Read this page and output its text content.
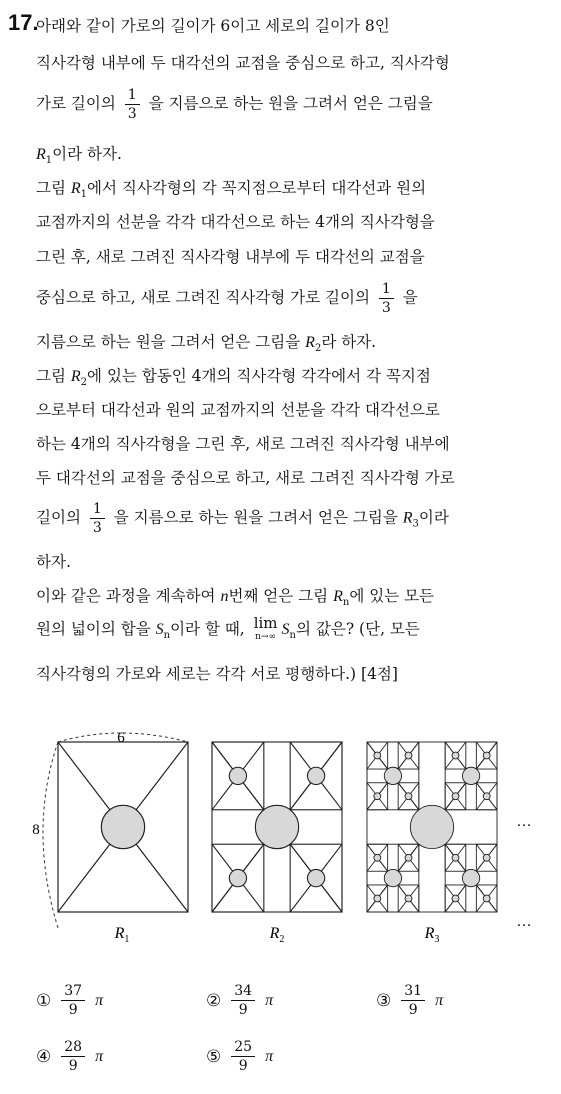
17.
아래와 같이 가로의 길이가 6이고 세로의 길이가 8인
직사각형 내부에 두 대각선의 교점을 중심으로 하고, 직사각형
가로 길이의 $\frac{1}{3}$ 을 지름으로 하는 원을 그려서 얻은 그림을
$R_1$이라 하자.
그림 $R_1$에서 직사각형의 각 꼭지점으로부터 대각선과 원의
교점까지의 선분을 각각 대각선으로 하는 4개의 직사각형을
그린 후, 새로 그려진 직사각형 내부에 두 대각선의 교점을
중심으로 하고, 새로 그려진 직사각형 가로 길이의 $\frac{1}{3}$ 을
지름으로 하는 원을 그려서 얻은 그림을 $R_2$라 하자.
그림 $R_2$에 있는 합동인 4개의 직사각형 각각에서 각 꼭지점
으로부터 대각선과 원의 교점까지의 선분을 각각 대각선으로
하는 4개의 직사각형을 그린 후, 새로 그려진 직사각형 내부에
두 대각선의 교점을 중심으로 하고, 새로 그려진 직사각형 가로
길이의 $\frac{1}{3}$ 을 지름으로 하는 원을 그려서 얻은 그림을 $R_3$이라
하자.
이와 같은 과정을 계속하여 n번째 얻은 그림 $R_n$에 있는 모든
원의 넓이의 합을 $S_n$이라 할 때, lim
n→∞ $S_n$의 값은? (단, 모든
직사각형의 가로와 세로는 각각 서로 평행하다.) [4점]
6
8
$R_1$	$R_2$	$R_3$
···
···
① $\frac{37}{9}$ π	② $\frac{34}{9}$ π	③ $\frac{31}{9}$ π
④ $\frac{28}{9}$ π	⑤ $\frac{25}{9}$ π
